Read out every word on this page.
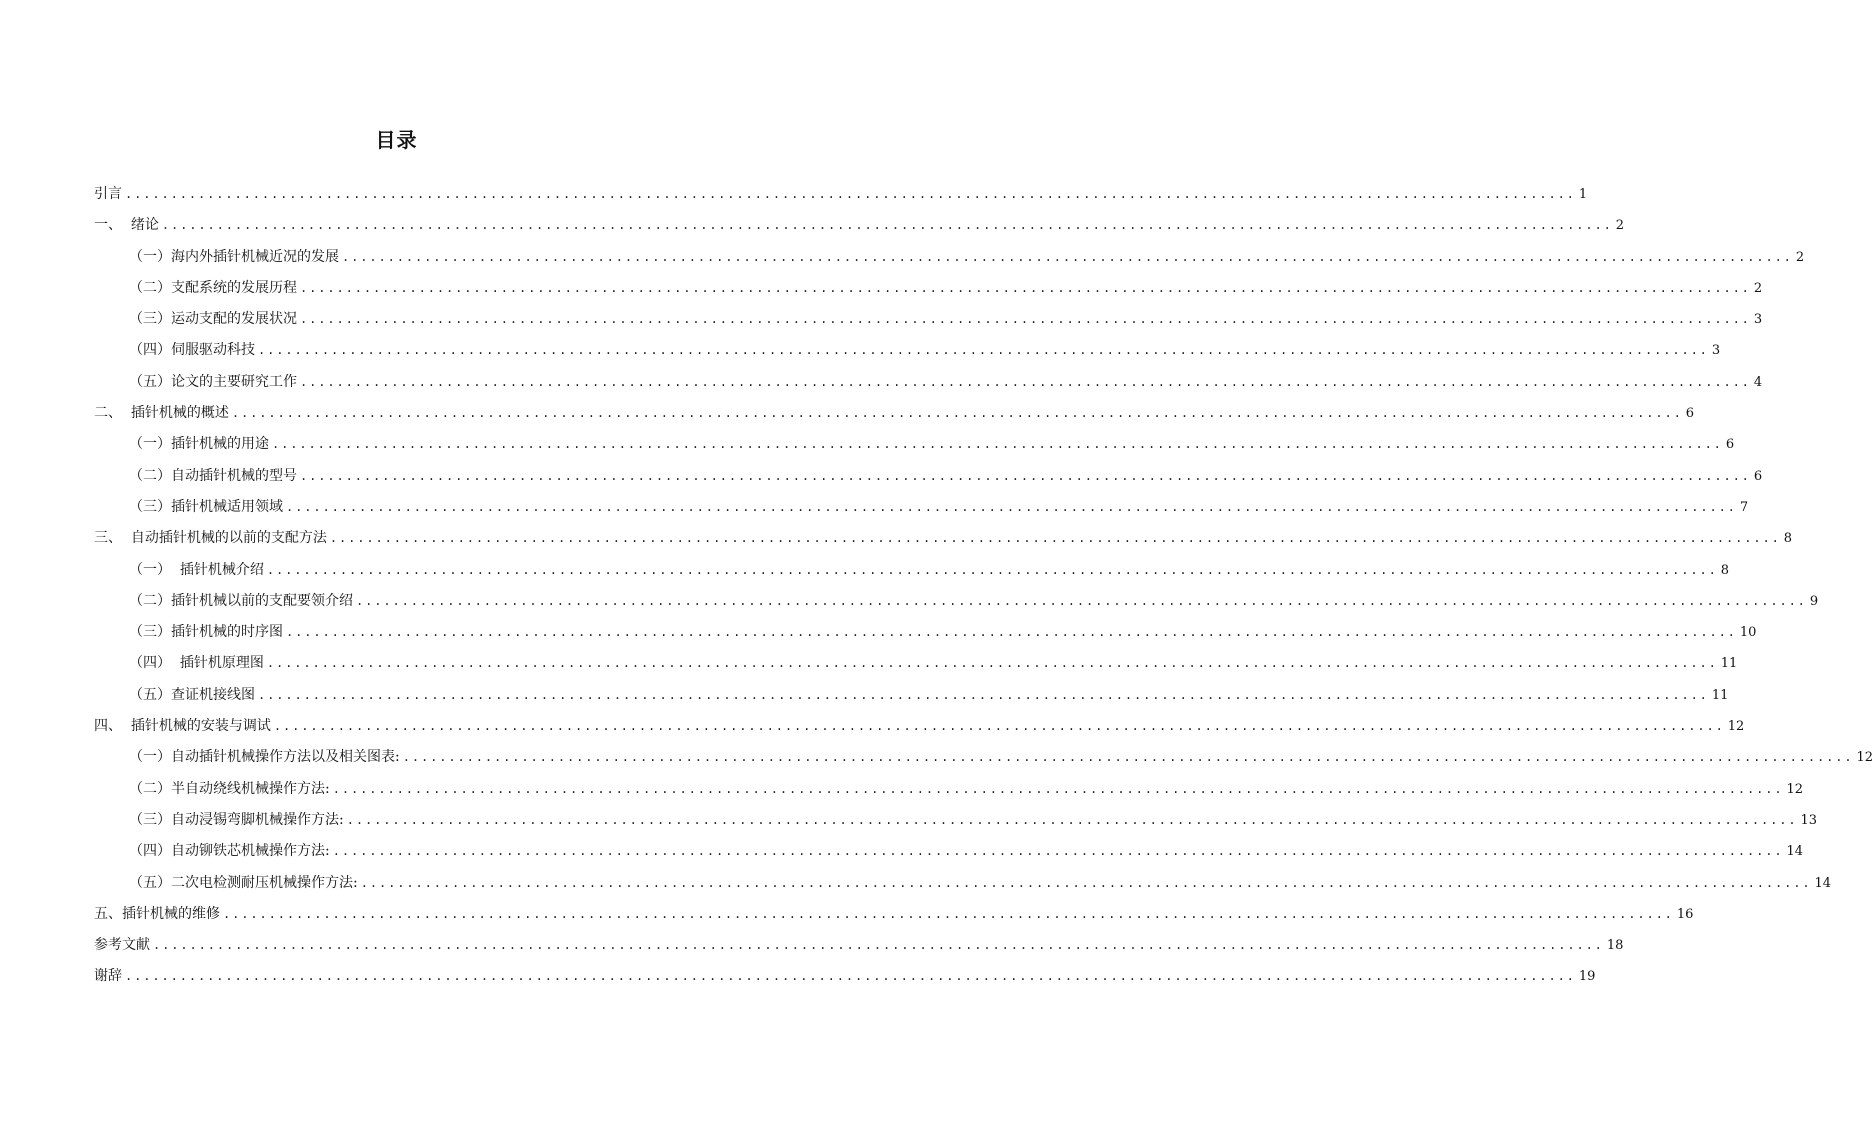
目录
引言 ............................................................................................................................................................... 1
一、  绪论 ............................................................................................................................................................... 2
（一）海内外插针机械近况的发展 ............................................................................................................................................................... 2
（二）支配系统的发展历程 ............................................................................................................................................................... 2
（三）运动支配的发展状况 ............................................................................................................................................................... 3
（四）伺服驱动科技 ............................................................................................................................................................... 3
（五）论文的主要研究工作 ............................................................................................................................................................... 4
二、  插针机械的概述 ............................................................................................................................................................... 6
（一）插针机械的用途 ............................................................................................................................................................... 6
（二）自动插针机械的型号 ............................................................................................................................................................... 6
（三）插针机械适用领域 ............................................................................................................................................................... 7
三、  自动插针机械的以前的支配方法 ............................................................................................................................................................... 8
（一）  插针机械介绍 ............................................................................................................................................................... 8
（二）插针机械以前的支配要领介绍 ............................................................................................................................................................... 9
（三）插针机械的时序图 ............................................................................................................................................................... 10
（四）  插针机原理图 ............................................................................................................................................................... 11
（五）查证机接线图 ............................................................................................................................................................... 11
四、  插针机械的安装与调试 ............................................................................................................................................................... 12
（一）自动插针机械操作方法以及相关图表: ............................................................................................................................................................... 12
（二）半自动绕线机械操作方法: ............................................................................................................................................................... 12
（三）自动浸锡弯脚机械操作方法: ............................................................................................................................................................... 13
（四）自动铆铁芯机械操作方法: ............................................................................................................................................................... 14
（五）二次电检测耐压机械操作方法: ............................................................................................................................................................... 14
五、插针机械的维修 ............................................................................................................................................................... 16
参考文献 ............................................................................................................................................................... 18
谢辞 ............................................................................................................................................................... 19
